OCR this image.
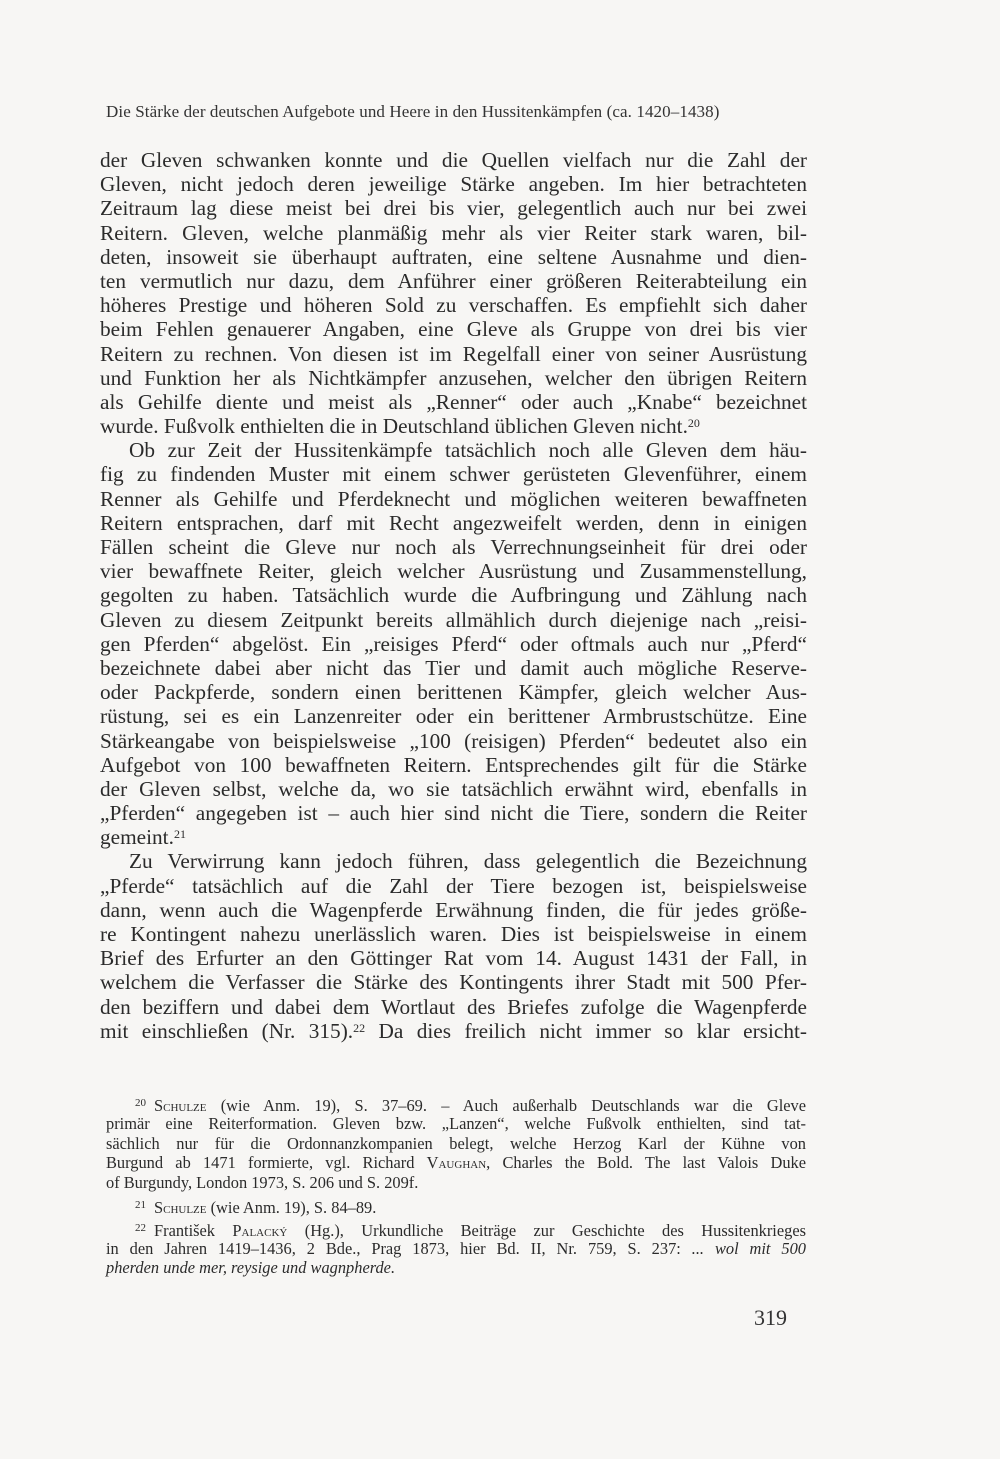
Die Stärke der deutschen Aufgebote und Heere in den Hussitenkämpfen (ca. 1420–1438)
der Gleven schwanken konnte und die Quellen vielfach nur die Zahl der
Gleven, nicht jedoch deren jeweilige Stärke angeben. Im hier betrachteten
Zeitraum lag diese meist bei drei bis vier, gelegentlich auch nur bei zwei
Reitern. Gleven, welche planmäßig mehr als vier Reiter stark waren, bil-
deten, insoweit sie überhaupt auftraten, eine seltene Ausnahme und dien-
ten vermutlich nur dazu, dem Anführer einer größeren Reiterabteilung ein
höheres Prestige und höheren Sold zu verschaffen. Es empfiehlt sich daher
beim Fehlen genauerer Angaben, eine Gleve als Gruppe von drei bis vier
Reitern zu rechnen. Von diesen ist im Regelfall einer von seiner Ausrüstung
und Funktion her als Nichtkämpfer anzusehen, welcher den übrigen Reitern
als Gehilfe diente und meist als „Renner“ oder auch „Knabe“ bezeichnet
wurde. Fußvolk enthielten die in Deutschland üblichen Gleven nicht.$^{20}$
Ob zur Zeit der Hussitenkämpfe tatsächlich noch alle Gleven dem häu-
fig zu findenden Muster mit einem schwer gerüsteten Glevenführer, einem
Renner als Gehilfe und Pferdeknecht und möglichen weiteren bewaffneten
Reitern entsprachen, darf mit Recht angezweifelt werden, denn in einigen
Fällen scheint die Gleve nur noch als Verrechnungseinheit für drei oder
vier bewaffnete Reiter, gleich welcher Ausrüstung und Zusammenstellung,
gegolten zu haben. Tatsächlich wurde die Aufbringung und Zählung nach
Gleven zu diesem Zeitpunkt bereits allmählich durch diejenige nach „reisi-
gen Pferden“ abgelöst. Ein „reisiges Pferd“ oder oftmals auch nur „Pferd“
bezeichnete dabei aber nicht das Tier und damit auch mögliche Reserve-
oder Packpferde, sondern einen berittenen Kämpfer, gleich welcher Aus-
rüstung, sei es ein Lanzenreiter oder ein berittener Armbrustschütze. Eine
Stärkeangabe von beispielsweise „100 (reisigen) Pferden“ bedeutet also ein
Aufgebot von 100 bewaffneten Reitern. Entsprechendes gilt für die Stärke
der Gleven selbst, welche da, wo sie tatsächlich erwähnt wird, ebenfalls in
„Pferden“ angegeben ist – auch hier sind nicht die Tiere, sondern die Reiter
gemeint.$^{21}$
Zu Verwirrung kann jedoch führen, dass gelegentlich die Bezeichnung
„Pferde“ tatsächlich auf die Zahl der Tiere bezogen ist, beispielsweise
dann, wenn auch die Wagenpferde Erwähnung finden, die für jedes größe-
re Kontingent nahezu unerlässlich waren. Dies ist beispielsweise in einem
Brief des Erfurter an den Göttinger Rat vom 14. August 1431 der Fall, in
welchem die Verfasser die Stärke des Kontingents ihrer Stadt mit 500 Pfer-
den beziffern und dabei dem Wortlaut des Briefes zufolge die Wagenpferde
mit einschließen (Nr. 315).$^{22}$ Da dies freilich nicht immer so klar ersicht-
$^{20}$ Schulze (wie Anm. 19), S. 37–69. – Auch außerhalb Deutschlands war die Gleve
primär eine Reiterformation. Gleven bzw. „Lanzen“, welche Fußvolk enthielten, sind tat-
sächlich nur für die Ordonnanzkompanien belegt, welche Herzog Karl der Kühne von
Burgund ab 1471 formierte, vgl. Richard Vaughan, Charles the Bold. The last Valois Duke
of Burgundy, London 1973, S. 206 und S. 209f.
$^{21}$ Schulze (wie Anm. 19), S. 84–89.
$^{22}$ František Palacký (Hg.), Urkundliche Beiträge zur Geschichte des Hussitenkrieges
in den Jahren 1419–1436, 2 Bde., Prag 1873, hier Bd. II, Nr. 759, S. 237: ... wol mit 500
pherden unde mer, reysige und wagnpherde.
319
